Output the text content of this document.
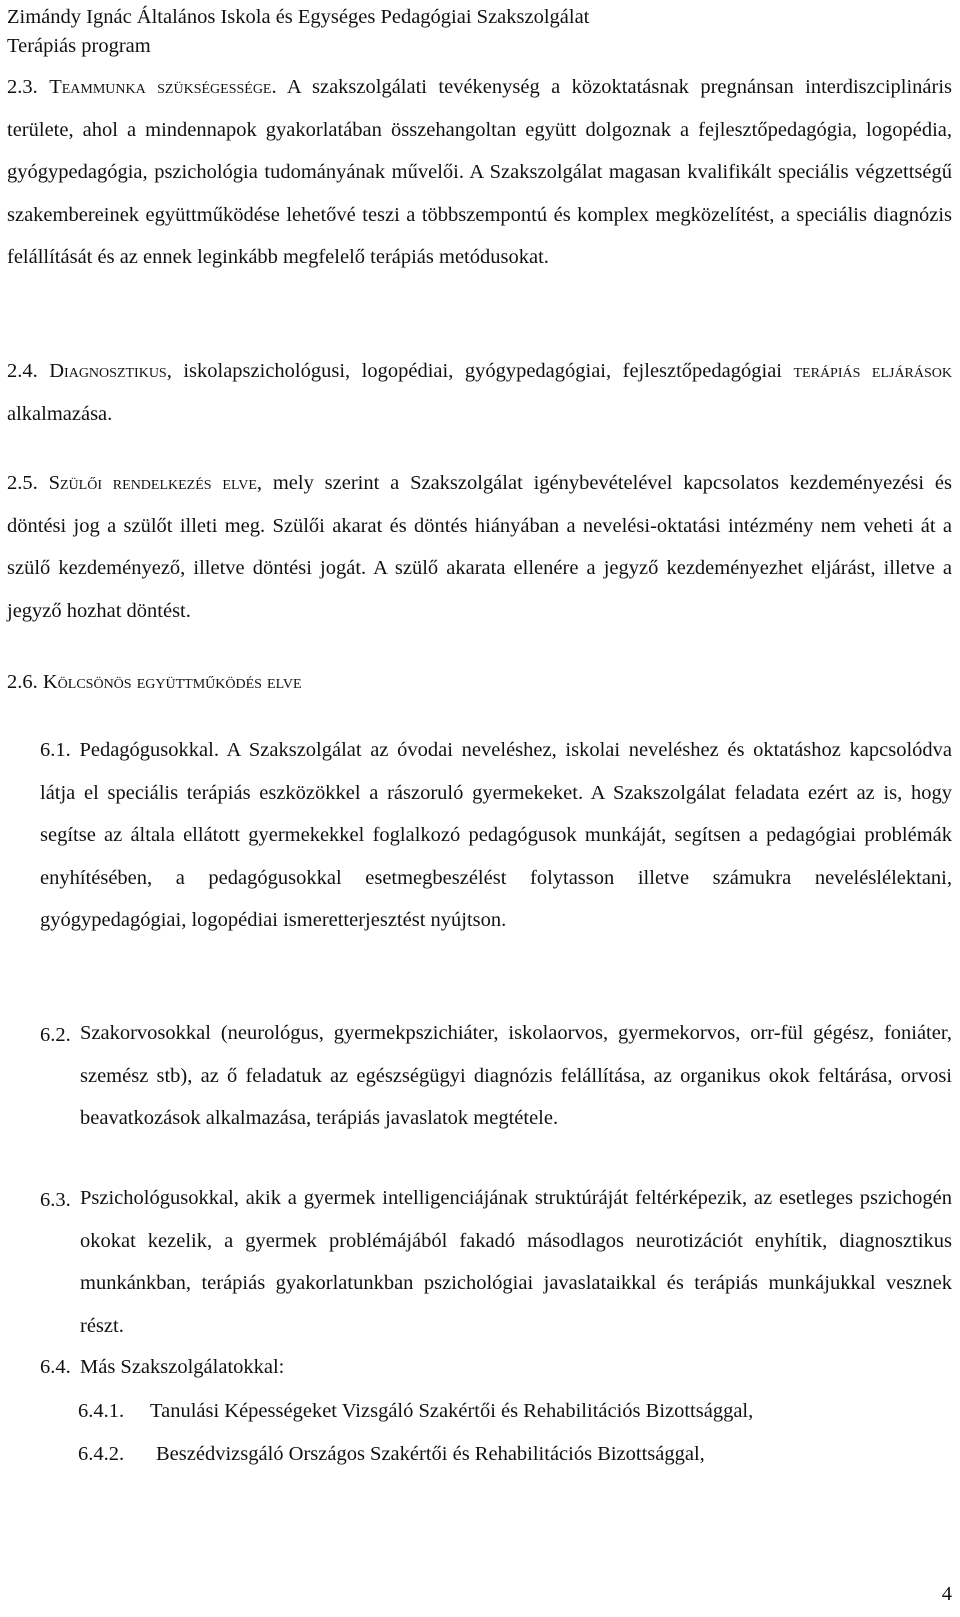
Zimándy Ignác Általános Iskola és Egységes Pedagógiai Szakszolgálat
Terápiás program
2.3. Teammunka szükségessége. A szakszolgálati tevékenység a közoktatásnak pregnánsan interdiszciplináris területe, ahol a mindennapok gyakorlatában összehangoltan együtt dolgoznak a fejlesztőpedagógia, logopédia, gyógypedagógia, pszichológia tudományának művelői. A Szakszolgálat magasan kvalifikált speciális végzettségű szakembereinek együttműködése lehetővé teszi a többszempontú és komplex megközelítést, a speciális diagnózis felállítását és az ennek leginkább megfelelő terápiás metódusokat.
2.4. Diagnosztikus, iskolapszichológusi, logopédiai, gyógypedagógiai, fejlesztőpedagógiai terápiás eljárások alkalmazása.
2.5. Szülői rendelkezés elve, mely szerint a Szakszolgálat igénybevételével kapcsolatos kezdeményezési és döntési jog a szülőt illeti meg. Szülői akarat és döntés hiányában a nevelési-oktatási intézmény nem veheti át a szülő kezdeményező, illetve döntési jogát. A szülő akarata ellenére a jegyző kezdeményezhet eljárást, illetve a jegyző hozhat döntést.
2.6. Kölcsönös együttműködés elve
6.1. Pedagógusokkal. A Szakszolgálat az óvodai neveléshez, iskolai neveléshez és oktatáshoz kapcsolódva látja el speciális terápiás eszközökkel a rászoruló gyermekeket. A Szakszolgálat feladata ezért az is, hogy segítse az általa ellátott gyermekekkel foglalkozó pedagógusok munkáját, segítsen a pedagógiai problémák enyhítésében, a pedagógusokkal esetmegbeszélést folytasson illetve számukra neveléslélektani, gyógypedagógiai, logopédiai ismeretterjesztést nyújtson.
6.2. Szakorvosokkal (neurológus, gyermekpszichiáter, iskolaorvos, gyermekorvos, orr-fül gégész, foniáter, szemész stb), az ő feladatuk az egészségügyi diagnózis felállítása, az organikus okok feltárása, orvosi beavatkozások alkalmazása, terápiás javaslatok megtétele.
6.3. Pszichológusokkal, akik a gyermek intelligenciájának struktúráját feltérképezik, az esetleges pszichogén okokat kezelik, a gyermek problémájából fakadó másodlagos neurotizációt enyhítik, diagnosztikus munkánkban, terápiás gyakorlatunkban pszichológiai javaslataikkal és terápiás munkájukkal vesznek részt.
6.4. Más Szakszolgálatokkal:
6.4.1. Tanulási Képességeket Vizsgáló Szakértői és Rehabilitációs Bizottsággal,
6.4.2. Beszédvizsgáló Országos Szakértői és Rehabilitációs Bizottsággal,
4
